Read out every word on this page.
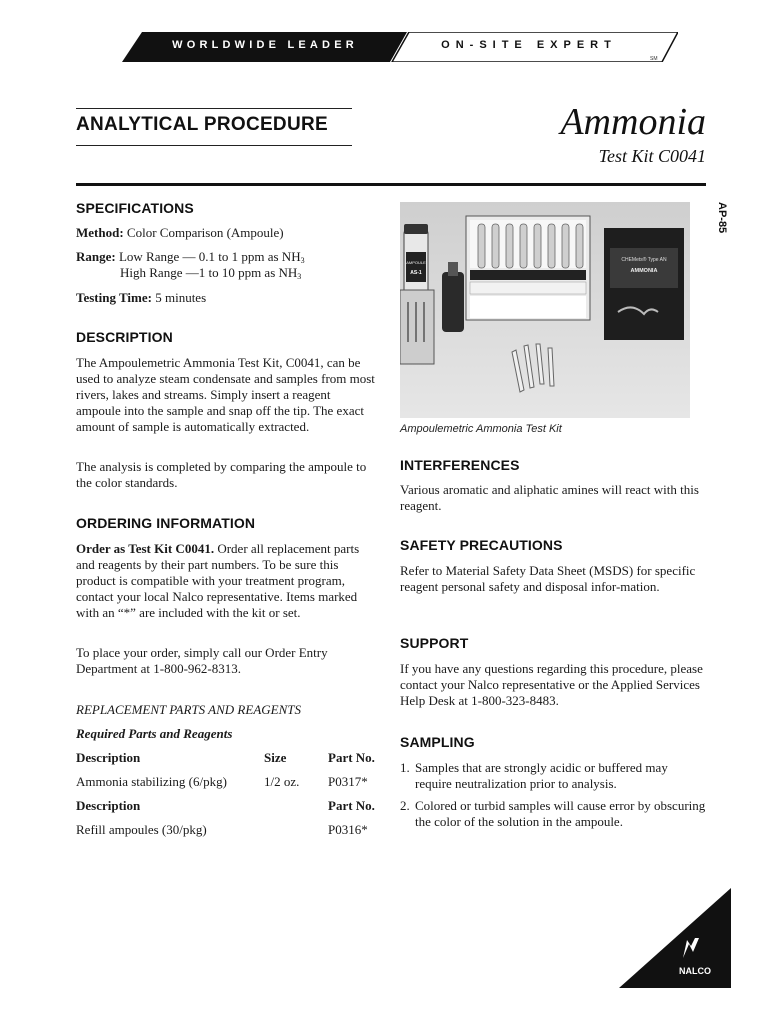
WORLDWIDE LEADER	ON-SITE EXPERT
SM
ANALYTICAL PROCEDURE	Ammonia
Test Kit C0041
AP-85
SPECIFICATIONS
Method: Color Comparison (Ampoule)
Range: Low Range — 0.1 to 1 ppm as $NH_3$
High Range —1 to 10 ppm as $NH_3$
Testing Time: 5 minutes
DESCRIPTION

The Ampoulemetric Ammonia Test Kit, C0041, can be used to analyze steam condensate and samples from most rivers, lakes and streams. Simply insert a reagent ampoule into the sample and snap off the tip. The exact amount of sample is automatically extracted.

The analysis is completed by comparing the ampoule to the color standards.

ORDERING INFORMATION

Order as Test Kit C0041. Order all replacement parts and reagents by their part numbers. To be sure this product is compatible with your treatment program, contact your local Nalco representative. Items marked with an “*” are included with the kit or set.

To place your order, simply call our Order Entry Department at 1-800-962-8313.

REPLACEMENT PARTS AND REAGENTS
Required Parts and Reagents
Description	Size	Part No.
Ammonia stabilizing (6/pkg)	1/2 oz. P0317*
Description	Part No.
Refill ampoules (30/pkg)	P0316*
CHEMets® Type AN
AMMONIA
AMPOULE
AS-1
Ampoulemetric Ammonia Test Kit
INTERFERENCES

Various aromatic and aliphatic amines will react with this reagent.

SAFETY PRECAUTIONS

Refer to Material Safety Data Sheet (MSDS) for specific reagent personal safety and disposal infor-mation.

SUPPORT

If you have any questions regarding this procedure, please contact your Nalco representative or the Applied Services Help Desk at 1-800-323-8483.

SAMPLING
1. Samples that are strongly acidic or buffered may require neutralization prior to analysis.
2. Colored or turbid samples will cause error by obscuring the color of the solution in the ampoule.
NALCO
